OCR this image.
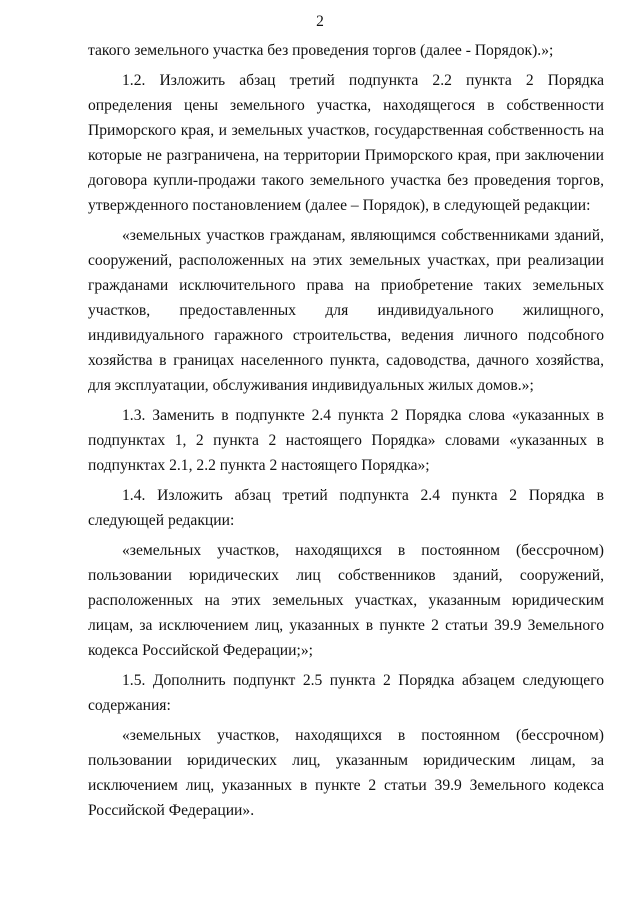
2

такого земельного участка без проведения торгов (далее - Порядок).»;

1.2. Изложить абзац третий подпункта 2.2 пункта 2 Порядка определения цены земельного участка, находящегося в собственности Приморского края, и земельных участков, государственная собственность на которые не разграничена, на территории Приморского края, при заключении договора купли-продажи такого земельного участка без проведения торгов, утвержденного постановлением (далее – Порядок), в следующей редакции:

«земельных участков гражданам, являющимся собственниками зданий, сооружений, расположенных на этих земельных участках, при реализации гражданами исключительного права на приобретение таких земельных участков, предоставленных для индивидуального жилищного, индивидуального гаражного строительства, ведения личного подсобного хозяйства в границах населенного пункта, садоводства, дачного хозяйства, для эксплуатации, обслуживания индивидуальных жилых домов.»;

1.3. Заменить в подпункте 2.4 пункта 2 Порядка слова «указанных в подпунктах 1, 2 пункта 2 настоящего Порядка» словами «указанных в подпунктах 2.1, 2.2 пункта 2 настоящего Порядка»;

1.4. Изложить абзац третий подпункта 2.4 пункта 2 Порядка в следующей редакции:

«земельных участков, находящихся в постоянном (бессрочном) пользовании юридических лиц собственников зданий, сооружений, расположенных на этих земельных участках, указанным юридическим лицам, за исключением лиц, указанных в пункте 2 статьи 39.9 Земельного кодекса Российской Федерации;»;

1.5. Дополнить подпункт 2.5 пункта 2 Порядка абзацем следующего содержания:

«земельных участков, находящихся в постоянном (бессрочном) пользовании юридических лиц, указанным юридическим лицам, за исключением лиц, указанных в пункте 2 статьи 39.9 Земельного кодекса Российской Федерации».
